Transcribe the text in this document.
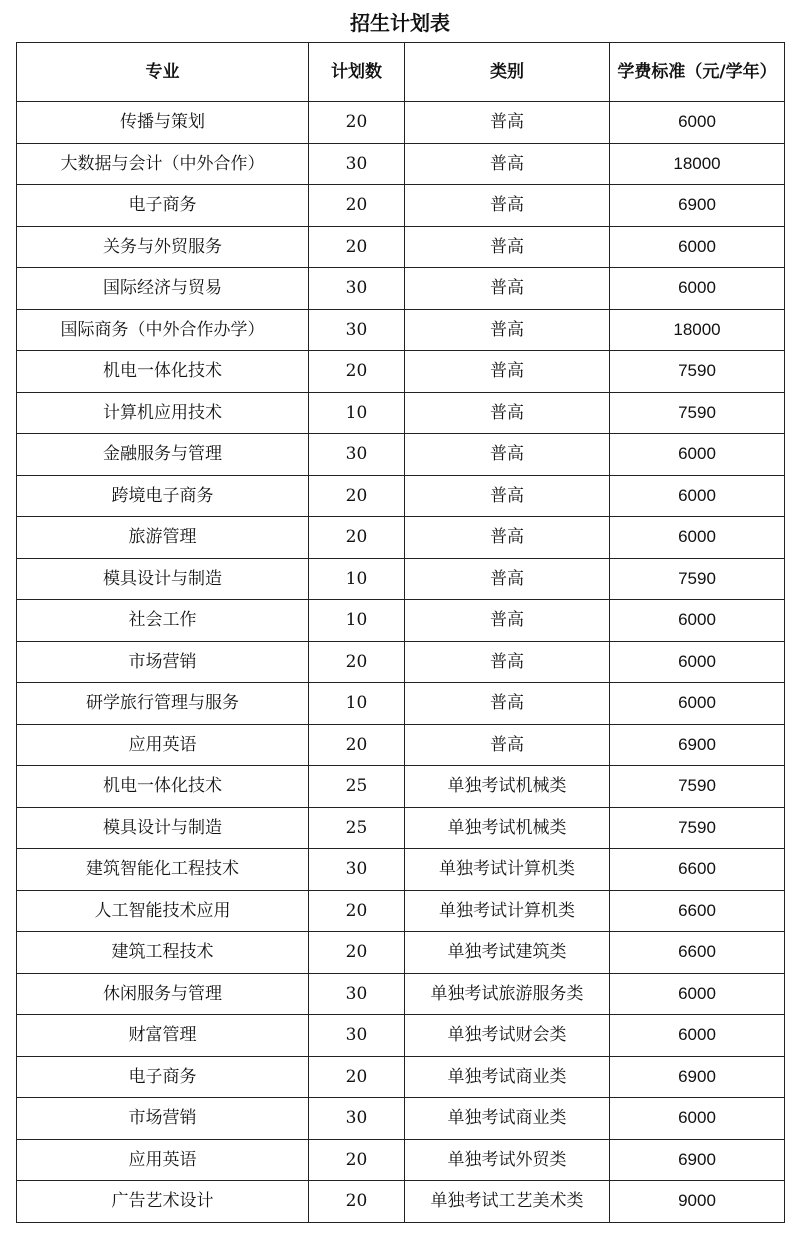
招生计划表
专业	计划数	类别	学费标准（元/学年）
传播与策划	20	普高	6000
大数据与会计（中外合作）	30	普高	18000
电子商务	20	普高	6900
关务与外贸服务	20	普高	6000
国际经济与贸易	30	普高	6000
国际商务（中外合作办学）	30	普高	18000
机电一体化技术	20	普高	7590
计算机应用技术	10	普高	7590
金融服务与管理	30	普高	6000
跨境电子商务	20	普高	6000
旅游管理	20	普高	6000
模具设计与制造	10	普高	7590
社会工作	10	普高	6000
市场营销	20	普高	6000
研学旅行管理与服务	10	普高	6000
应用英语	20	普高	6900
机电一体化技术	25	单独考试机械类	7590
模具设计与制造	25	单独考试机械类	7590
建筑智能化工程技术	30	单独考试计算机类	6600
人工智能技术应用	20	单独考试计算机类	6600
建筑工程技术	20	单独考试建筑类	6600
休闲服务与管理	30	单独考试旅游服务类	6000
财富管理	30	单独考试财会类	6000
电子商务	20	单独考试商业类	6900
市场营销	30	单独考试商业类	6000
应用英语	20	单独考试外贸类	6900
广告艺术设计	20	单独考试工艺美术类	9000
